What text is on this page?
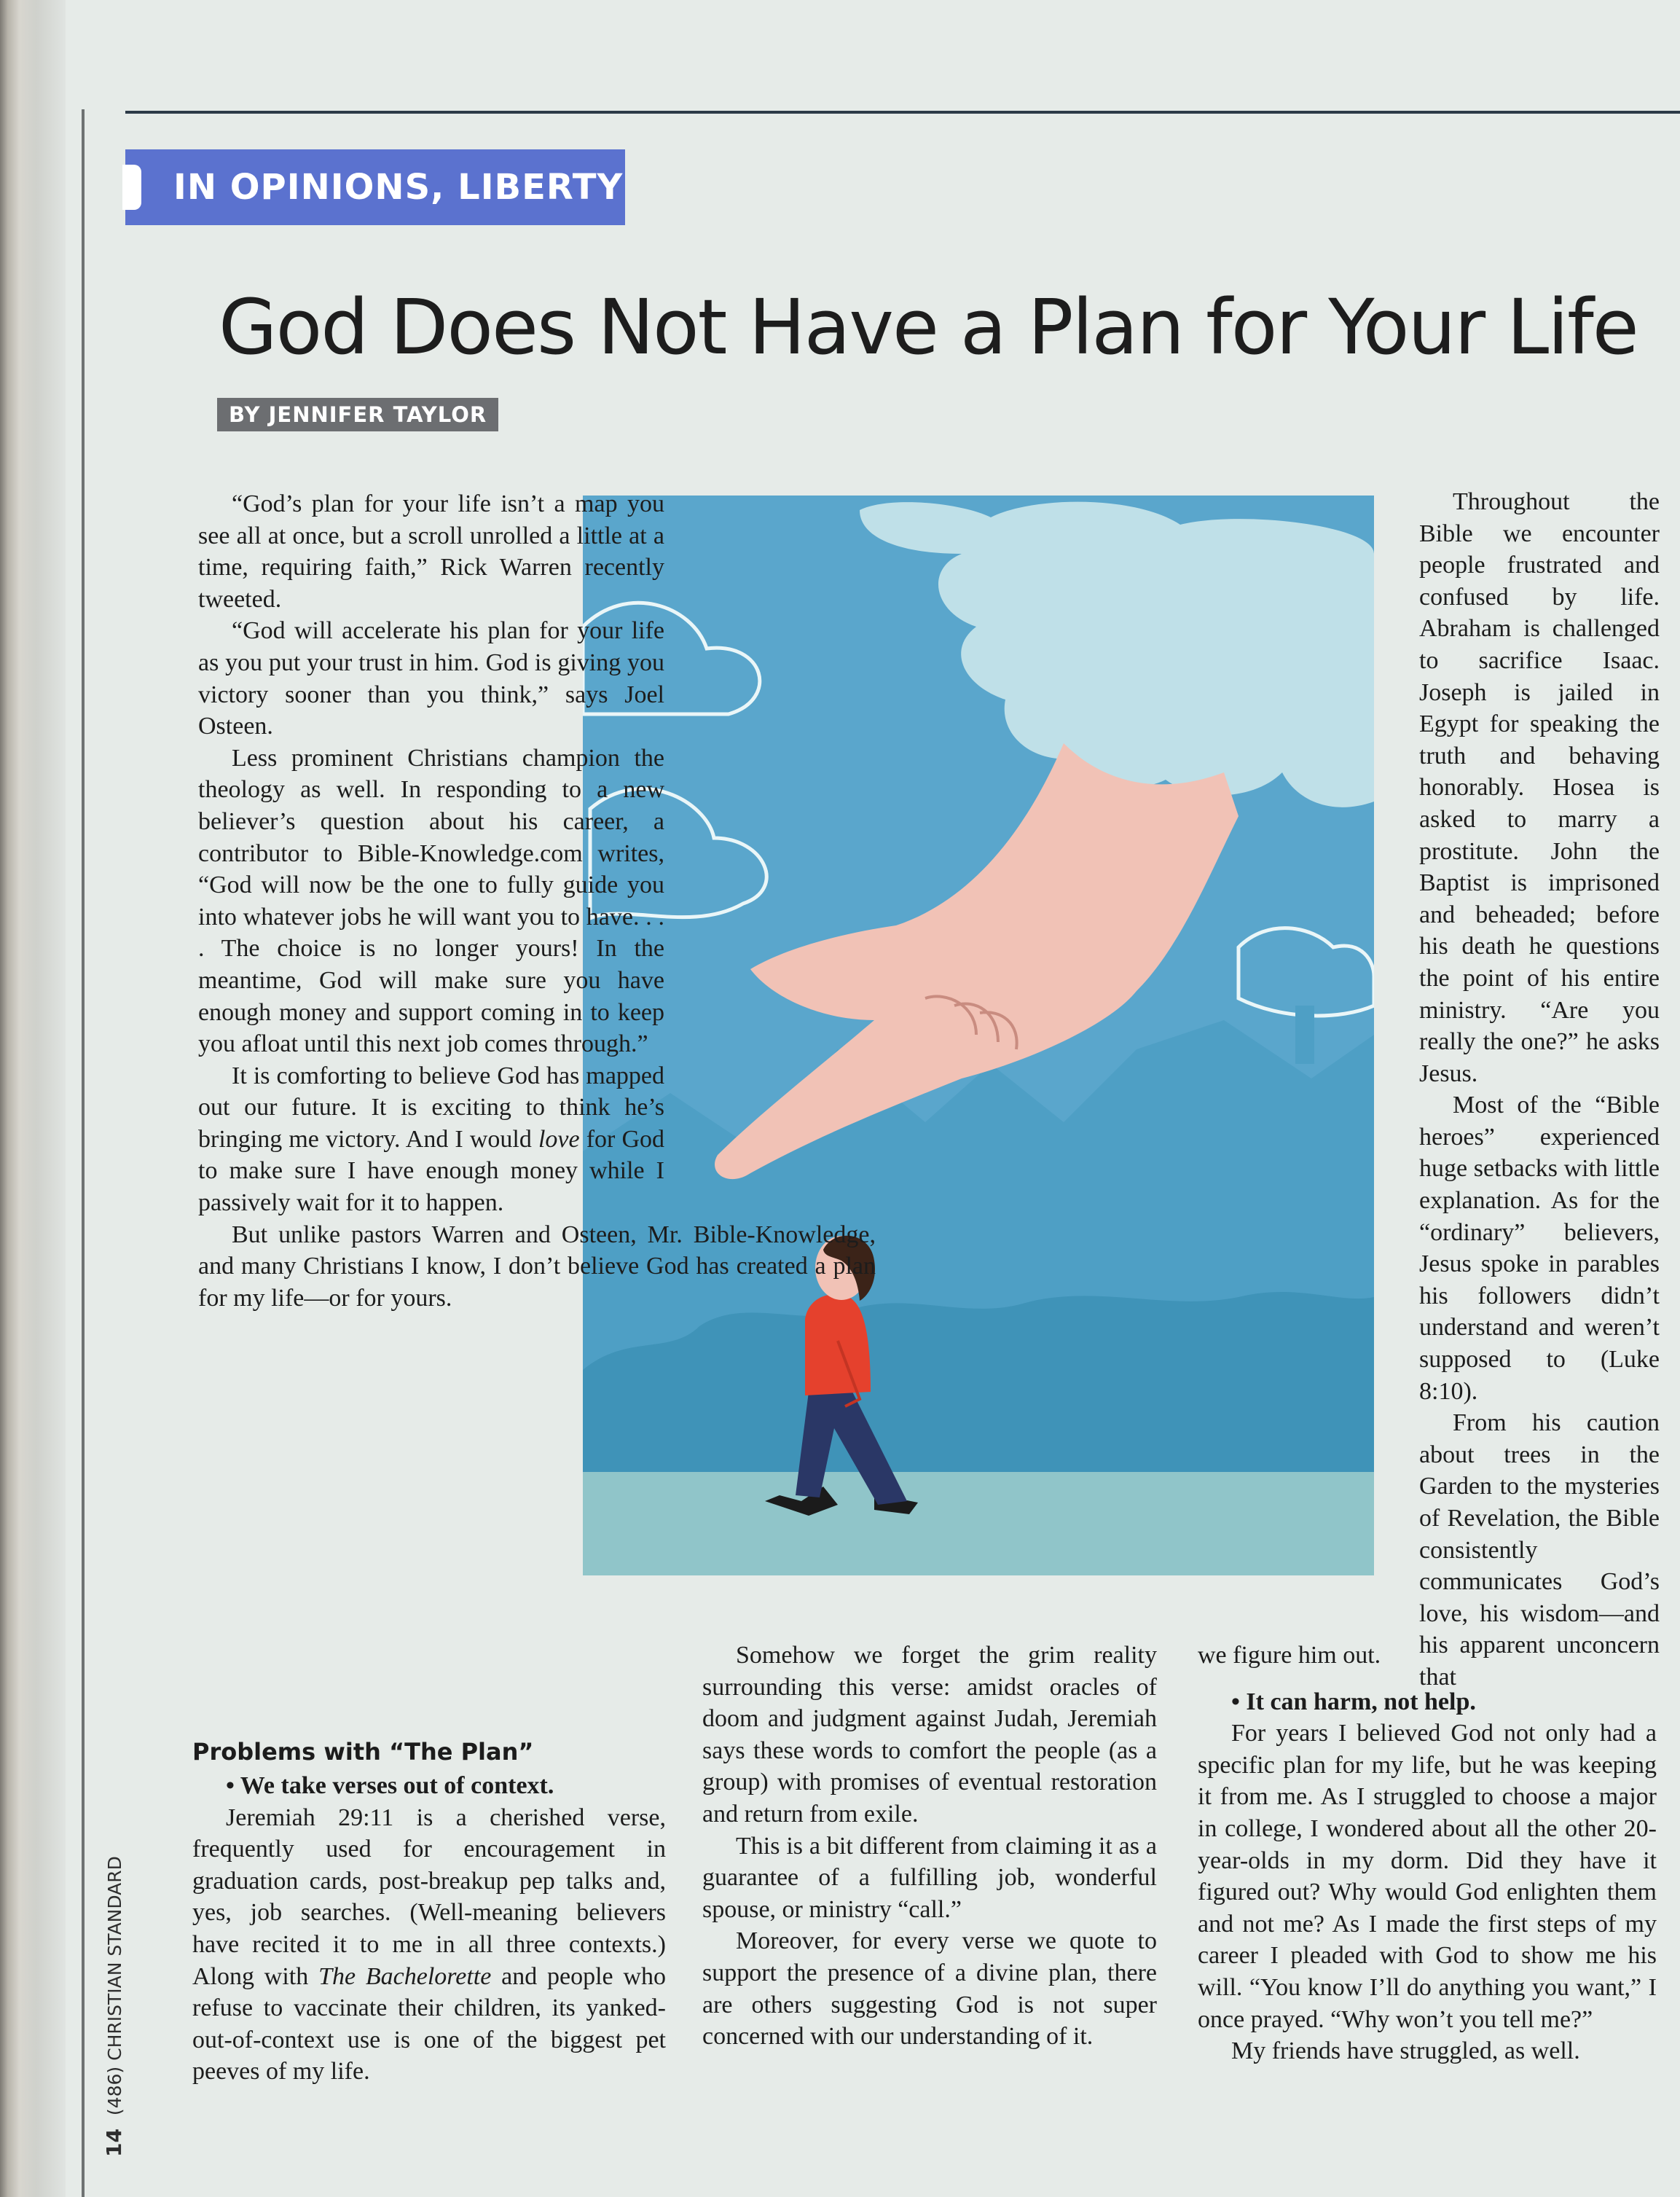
IN OPINIONS, LIBERTY
God Does Not Have a Plan for Your Life
BY JENNIFER TAYLOR

“God’s plan for your life isn’t a map you see all at once, but a scroll unrolled a little at a time, requiring faith,” Rick Warren recently tweeted.

“God will accelerate his plan for your life as you put your trust in him. God is giving you victory sooner than you think,” says Joel Osteen.

Less prominent Christians champion the theology as well. In responding to a new believer’s question about his career, a contributor to Bible-Knowledge.com writes, “God will now be the one to fully guide you into whatever jobs he will want you to have. . . . The choice is no longer yours! In the meantime, God will make sure you have enough money and support coming in to keep you afloat until this next job comes through.”

It is comforting to believe God has mapped out our future. It is exciting to think he’s bringing me victory. And I would love for God to make sure I have enough money while I passively wait for it to happen.

But unlike pastors Warren and Osteen, Mr. Bible-Knowledge, and many Christians I know, I don’t believe God has created a plan for my life—or for yours.

Problems with “The Plan”

• We take verses out of context.

Jeremiah 29:11 is a cherished verse, frequently used for encouragement in graduation cards, post-breakup pep talks and, yes, job searches. (Well-meaning believers have recited it to me in all three contexts.) Along with The Bachelorette and people who refuse to vaccinate their children, its yanked-out-of-context use is one of the biggest pet peeves of my life.

Somehow we forget the grim reality surrounding this verse: amidst oracles of doom and judgment against Judah, Jeremiah says these words to comfort the people (as a group) with promises of eventual restoration and return from exile.

This is a bit different from claiming it as a guarantee of a fulfilling job, wonderful spouse, or ministry “call.”

Moreover, for every verse we quote to support the presence of a divine plan, there are others suggesting God is not super concerned with our understanding of it.

Throughout the Bible we encounter people frustrated and confused by life. Abraham is challenged to sacrifice Isaac. Joseph is jailed in Egypt for speaking the truth and behaving honorably. Hosea is asked to marry a prostitute. John the Baptist is imprisoned and beheaded; before his death he questions the point of his entire ministry. “Are you really the one?” he asks Jesus.

Most of the “Bible heroes” experienced huge setbacks with little explanation. As for the “ordinary” believers, Jesus spoke in parables his followers didn’t understand and weren’t supposed to (Luke 8:10).

From his caution about trees in the Garden to the mysteries of Revelation, the Bible consistently communicates God’s love, his wisdom—and his apparent unconcern that

we figure him out.

• It can harm, not help.

For years I believed God not only had a specific plan for my life, but he was keeping it from me. As I struggled to choose a major in college, I wondered about all the other 20-year-olds in my dorm. Did they have it figured out? Why would God enlighten them and not me? As I made the first steps of my career I pleaded with God to show me his will. “You know I’ll do anything you want,” I once prayed. “Why won’t you tell me?”

My friends have struggled, as well.

14 (486) CHRISTIAN STANDARD
